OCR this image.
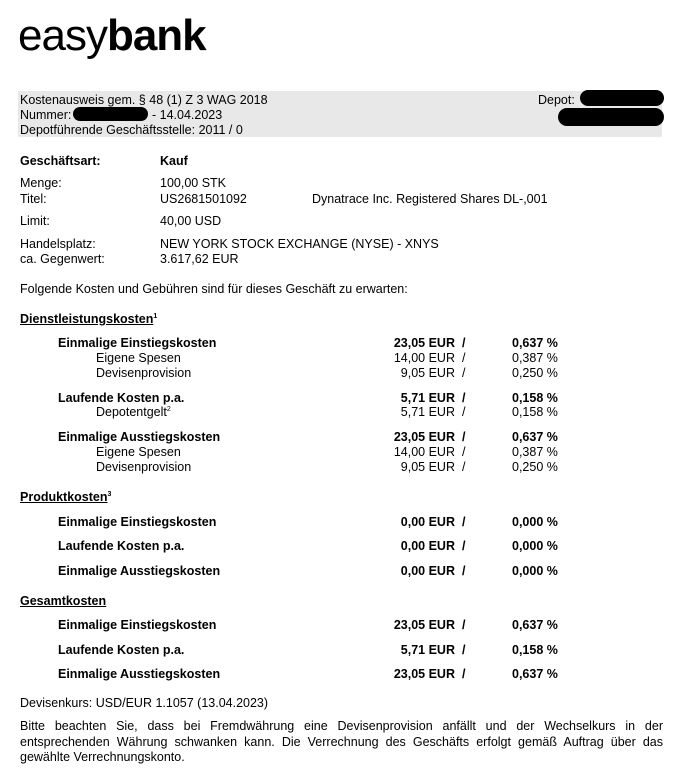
easybank
Kostenausweis gem. § 48 (1) Z 3 WAG 2018
Nummer:	- 14.04.2023
Depotführende Geschäftsstelle: 2011 / 0
Depot:
Geschäftsart:	Kauf
Menge:	100,00 STK
Titel:	US2681501092	Dynatrace Inc. Registered Shares DL-,001
Limit:	40,00 USD
Handelsplatz:	NEW YORK STOCK EXCHANGE (NYSE) - XNYS
ca. Gegenwert:	3.617,62 EUR
Folgende Kosten und Gebühren sind für dieses Geschäft zu erwarten:
Dienstleistungskosten$^1$
Einmalige Einstiegskosten	23,05 EUR /	0,637 %
Eigene Spesen	14,00 EUR /	0,387 %
Devisenprovision	9,05 EUR /	0,250 %
Laufende Kosten p.a.	5,71 EUR /	0,158 %
Depotentgelt$^2$	5,71 EUR /	0,158 %
Einmalige Ausstiegskosten	23,05 EUR /	0,637 %
Eigene Spesen	14,00 EUR /	0,387 %
Devisenprovision	9,05 EUR /	0,250 %
Produktkosten$^3$
Einmalige Einstiegskosten	0,00 EUR /	0,000 %
Laufende Kosten p.a.	0,00 EUR /	0,000 %
Einmalige Ausstiegskosten	0,00 EUR /	0,000 %
Gesamtkosten
Einmalige Einstiegskosten	23,05 EUR /	0,637 %
Laufende Kosten p.a.	5,71 EUR /	0,158 %
Einmalige Ausstiegskosten	23,05 EUR /	0,637 %
Devisenkurs: USD/EUR 1.1057 (13.04.2023)
Bitte beachten Sie, dass bei Fremdwährung eine Devisenprovision anfällt und der Wechselkurs in der entsprechenden Währung schwanken kann. Die Verrechnung des Geschäfts erfolgt gemäß Auftrag über das gewählte Verrechnungskonto.
